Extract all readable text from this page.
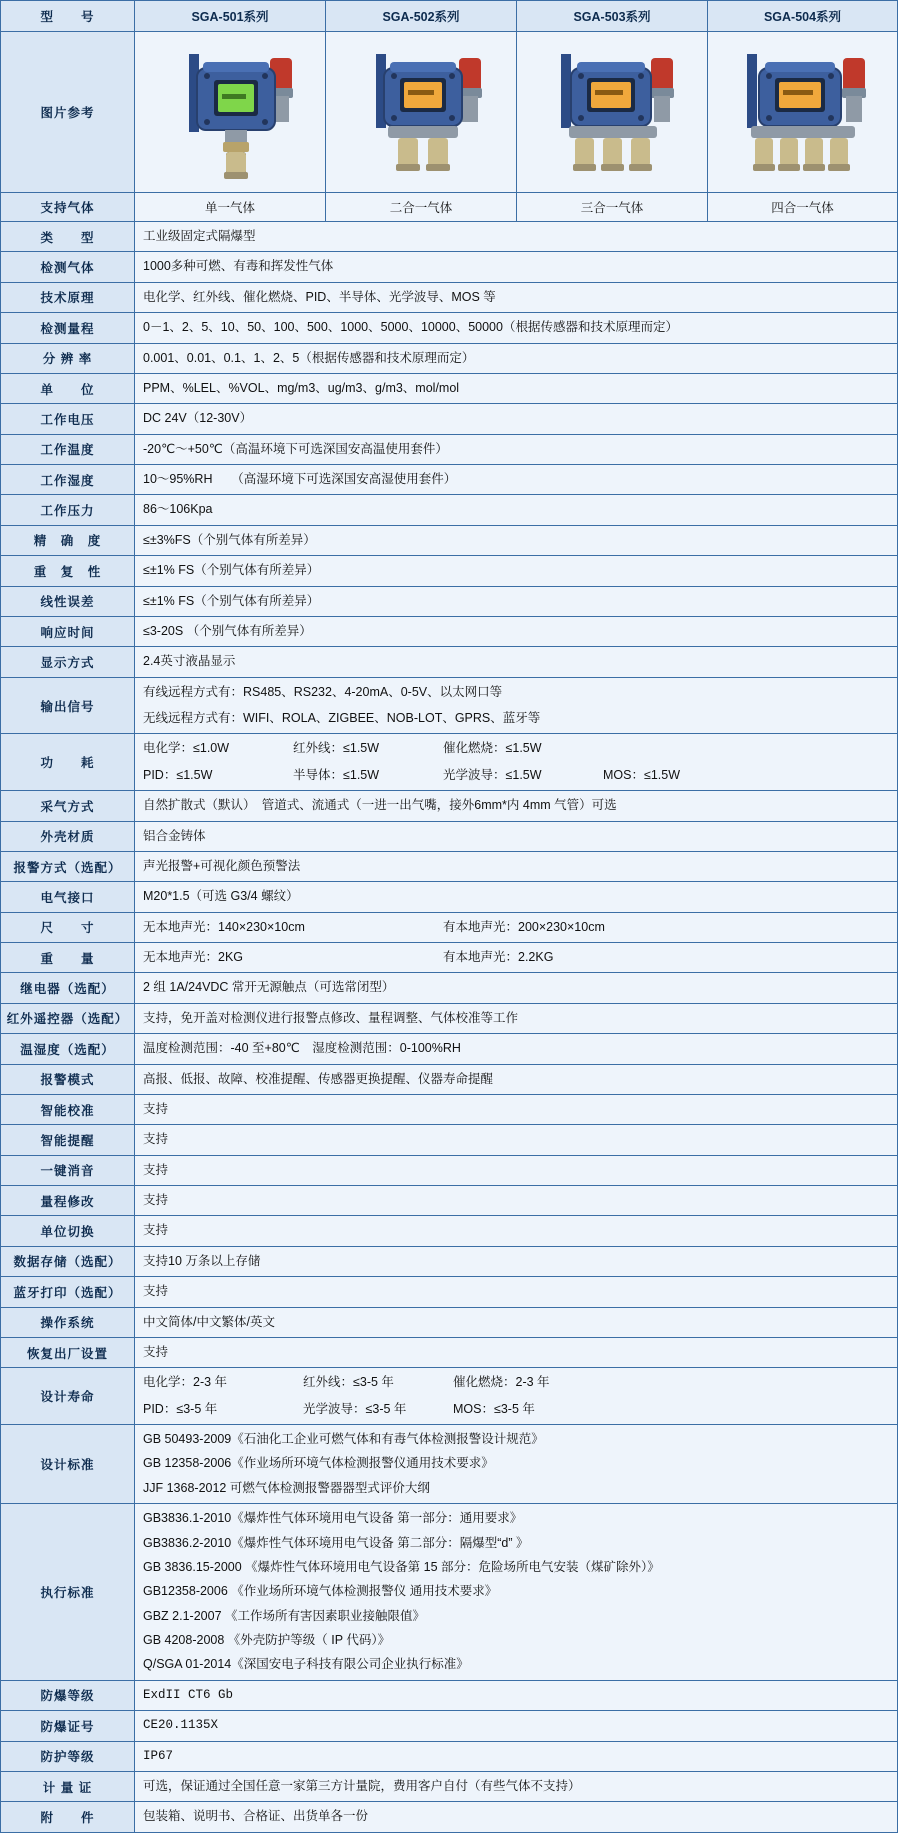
型　　号	SGA-501系列	SGA-502系列	SGA-503系列	SGA-504系列
图片参考	

支持气体	单一气体	二合一气体	三合一气体	四合一气体
类　　型	工业级固定式隔爆型			
检测气体	1000多种可燃、有毒和挥发性气体			
技术原理	电化学、红外线、催化燃烧、PID、半导体、光学波导、MOS 等			
检测量程	0－1、2、5、10、50、100、500、1000、5000、10000、50000（根据传感器和技术原理而定）			
分 辨 率	0.001、0.01、0.1、1、2、5（根据传感器和技术原理而定）			
单　　位	PPM、%LEL、%VOL、mg/m3、ug/m3、g/m3、mol/mol			
工作电压	DC 24V（12-30V）			
工作温度	-20℃～+50℃（高温环境下可选深国安高温使用套件）			
工作湿度	10～95%RH　　（高湿环境下可选深国安高湿使用套件）			
工作压力	86～106Kpa			
精　确　度	≤±3%FS（个别气体有所差异）			
重　复　性	≤±1% FS（个别气体有所差异）			
线性误差	≤±1% FS（个别气体有所差异）			
响应时间	≤3-20S （个别气体有所差异）			
显示方式	2.4英寸液晶显示			
输出信号	有线远程方式有：RS485、RS232、4-20mA、0-5V、以太网口等
无线远程方式有：WIFI、ROLA、ZIGBEE、NOB-LOT、GPRS、蓝牙等			

功　　耗	
电化学：≤1.0W	红外线：≤1.5W	催化燃烧：≤1.5W
PID：≤1.5W	半导体：≤1.5W	光学波导：≤1.5W	MOS：≤1.5W

采气方式	自然扩散式（默认）　管道式、流通式（一进一出气嘴，接外6mm*内 4mm 气管）可选			
外壳材质	铝合金铸体			
报警方式（选配）	声光报警+可视化颜色预警法			
电气接口	M20*1.5（可选 G3/4 螺纹）			
尺　　寸	无本地声光：140×230×10cm 有本地声光：200×230×10cm			

重　　量	无本地声光：2KG 有本地声光：2.2KG			

继电器（选配）	2 组 1A/24VDC 常开无源触点（可选常闭型）			
红外遥控器（选配）	支持，免开盖对检测仪进行报警点修改、量程调整、气体校准等工作			
温湿度（选配）	温度检测范围：-40 至+80℃　湿度检测范围：0-100%RH			
报警模式	高报、低报、故障、校准提醒、传感器更换提醒、仪器寿命提醒			
智能校准	支持			
智能提醒	支持			
一键消音	支持			
量程修改	支持			
单位切换	支持			
数据存储（选配）	支持10 万条以上存储			
蓝牙打印（选配）	支持			
操作系统	中文简体/中文繁体/英文			
恢复出厂设置	支持			
设计寿命	
电化学：2-3 年	红外线：≤3-5 年	催化燃烧：2-3 年
PID：≤3-5 年	光学波导：≤3-5 年	MOS：≤3-5 年

设计标准	GB 50493-2009《石油化工企业可燃气体和有毒气体检测报警设计规范》
GB 12358-2006《作业场所环境气体检测报警仪通用技术要求》
JJF 1368-2012 可燃气体检测报警器器型式评价大纲			

执行标准	
GB3836.1-2010《爆炸性气体环境用电气设备 第一部分：通用要求》
GB3836.2-2010《爆炸性气体环境用电气设备 第二部分：隔爆型“d” 》
GB 3836.15-2000 《爆炸性气体环境用电气设备第 15 部分：危险场所电气安装（煤矿除外）》
GB12358-2006 《作业场所环境气体检测报警仪 通用技术要求》
GBZ 2.1-2007 《工作场所有害因素职业接触限值》
GB 4208-2008 《外壳防护等级（ IP 代码）》
Q/SGA 01-2014《深国安电子科技有限公司企业执行标准》

防爆等级	ExdII CT6 Gb			
防爆证号	CE20.1135X			
防护等级	IP67			
计 量 证	可选，保证通过全国任意一家第三方计量院，费用客户自付（有些气体不支持）			
附　　件	包装箱、说明书、合格证、出货单各一份			
